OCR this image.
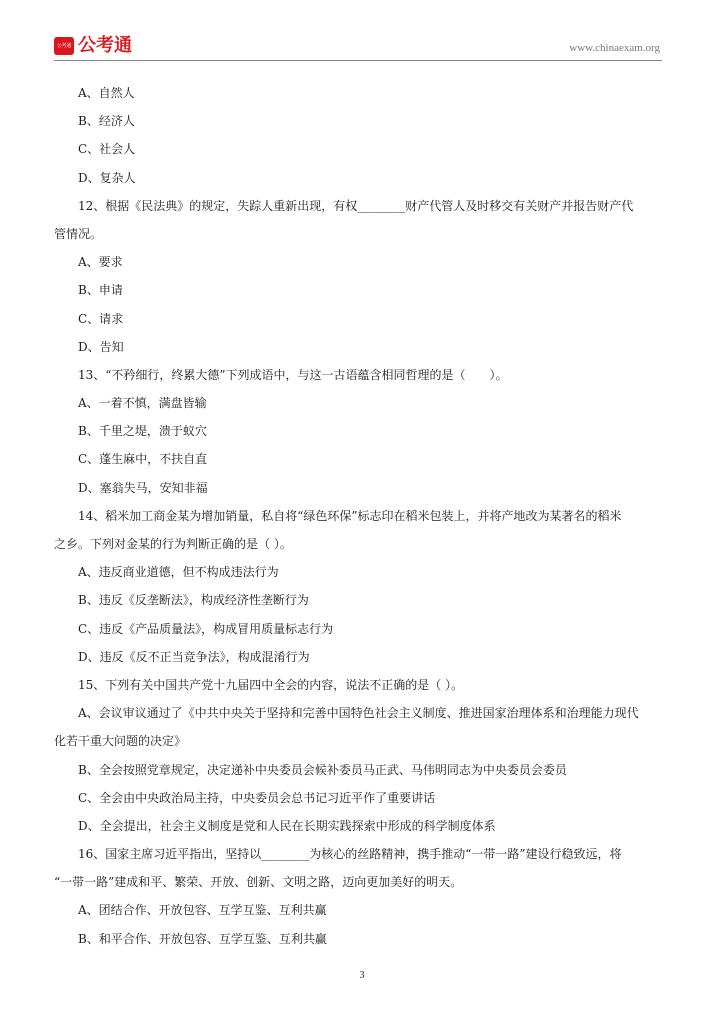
公考通 公考通	www.chinaexam.org
A、自然人
B、经济人
C、社会人
D、复杂人
12、根据《民法典》的规定，失踪人重新出现，有权________财产代管人及时移交有关财产并报告财产代
管情况。
A、要求
B、申请
C、请求
D、告知
13、“不矜细行，终累大德”下列成语中，与这一古语蕴含相同哲理的是（　　）。
A、一着不慎，满盘皆输
B、千里之堤，溃于蚁穴
C、蓬生麻中，不扶自直
D、塞翁失马，安知非福
14、稻米加工商金某为增加销量，私自将“绿色环保”标志印在稻米包装上，并将产地改为某著名的稻米
之乡。下列对金某的行为判断正确的是（ ）。
A、违反商业道德，但不构成违法行为
B、违反《反垄断法》，构成经济性垄断行为
C、违反《产品质量法》，构成冒用质量标志行为
D、违反《反不正当竞争法》，构成混淆行为
15、下列有关中国共产党十九届四中全会的内容，说法不正确的是（ ）。
A、会议审议通过了《中共中央关于坚持和完善中国特色社会主义制度、推进国家治理体系和治理能力现代
化若干重大问题的决定》
B、全会按照党章规定，决定递补中央委员会候补委员马正武、马伟明同志为中央委员会委员
C、全会由中央政治局主持，中央委员会总书记习近平作了重要讲话
D、全会提出，社会主义制度是党和人民在长期实践探索中形成的科学制度体系
16、国家主席习近平指出，坚持以________为核心的丝路精神，携手推动“一带一路”建设行稳致远，将
“一带一路”建成和平、繁荣、开放、创新、文明之路，迈向更加美好的明天。
A、团结合作、开放包容、互学互鉴、互利共赢
B、和平合作、开放包容、互学互鉴、互利共赢
3
